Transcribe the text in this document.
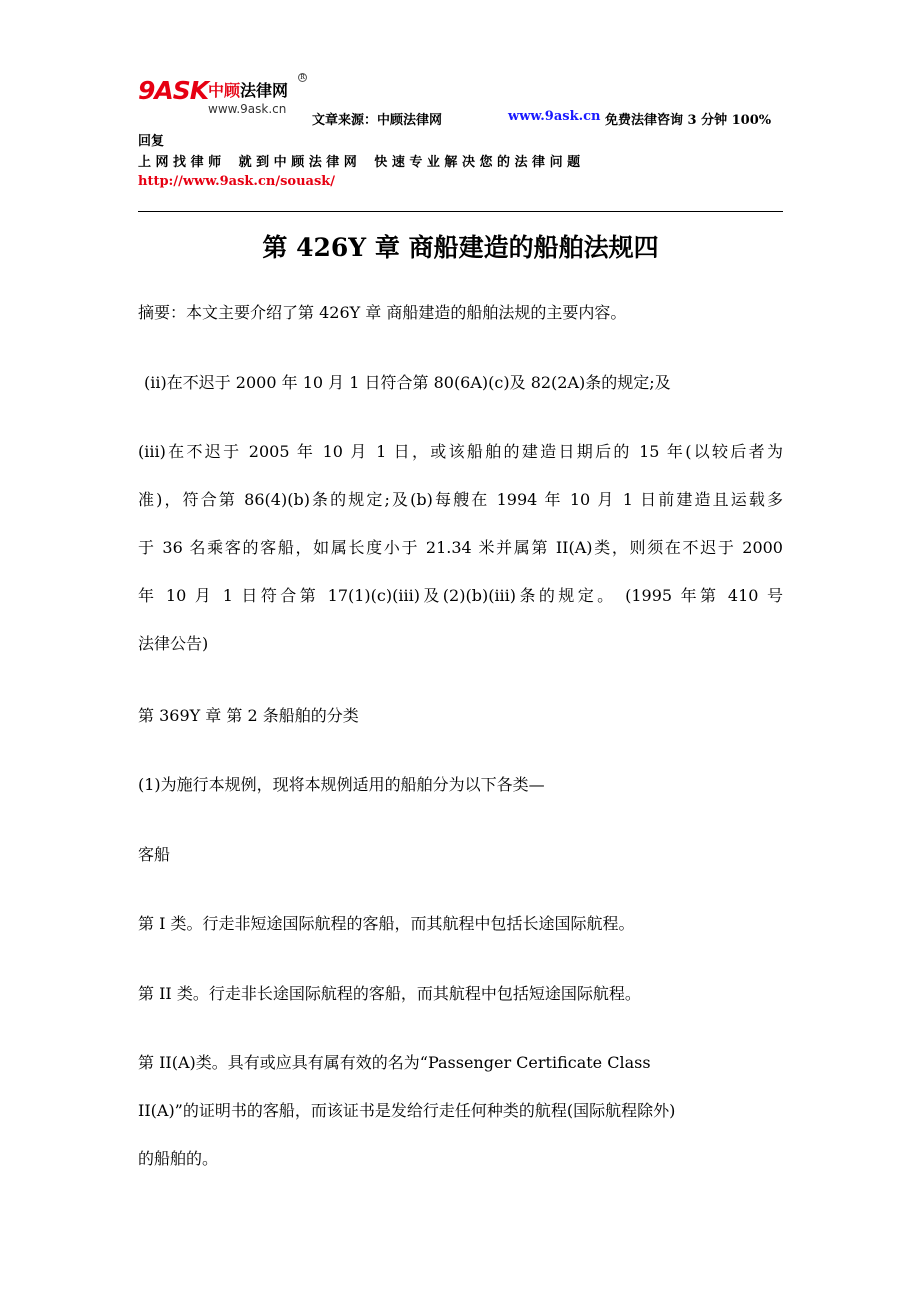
9ASK 中顾法律网
R
www.9ask.cn
文章来源：中顾法律网	www.9ask.cn 免费法律咨询 3 分钟 100%
回复
上 网 找 律 师　 就 到 中 顾 法 律 网　 快 速 专 业 解 决 您 的 法 律 问 题
http://www.9ask.cn/souask/
第 426Y 章 商船建造的船舶法规四
摘要：本文主要介绍了第 426Y 章 商船建造的船舶法规的主要内容。
(ii)在不迟于 2000 年 10 月 1 日符合第 80(6A)(c)及 82(2A)条的规定;及
(iii)在不迟于 2005 年 10 月 1 日，或该船舶的建造日期后的 15 年(以较后者为
准)，符合第 86(4)(b)条的规定;及(b)每艘在 1994 年 10 月 1 日前建造且运载多
于 36 名乘客的客船，如属长度小于 21.34 米并属第 II(A)类，则须在不迟于 2000
年 10 月 1 日符合第 17(1)(c)(iii)及(2)(b)(iii)条的规定。 (1995 年第 410 号
法律公告)
第 369Y 章 第 2 条船舶的分类
(1)为施行本规例，现将本规例适用的船舶分为以下各类—
客船
第 I 类。行走非短途国际航程的客船，而其航程中包括长途国际航程。
第 II 类。行走非长途国际航程的客船，而其航程中包括短途国际航程。
第 II(A)类。具有或应具有属有效的名为“Passenger Certificate Class
II(A)”的证明书的客船，而该证书是发给行走任何种类的航程(国际航程除外)
的船舶的。
